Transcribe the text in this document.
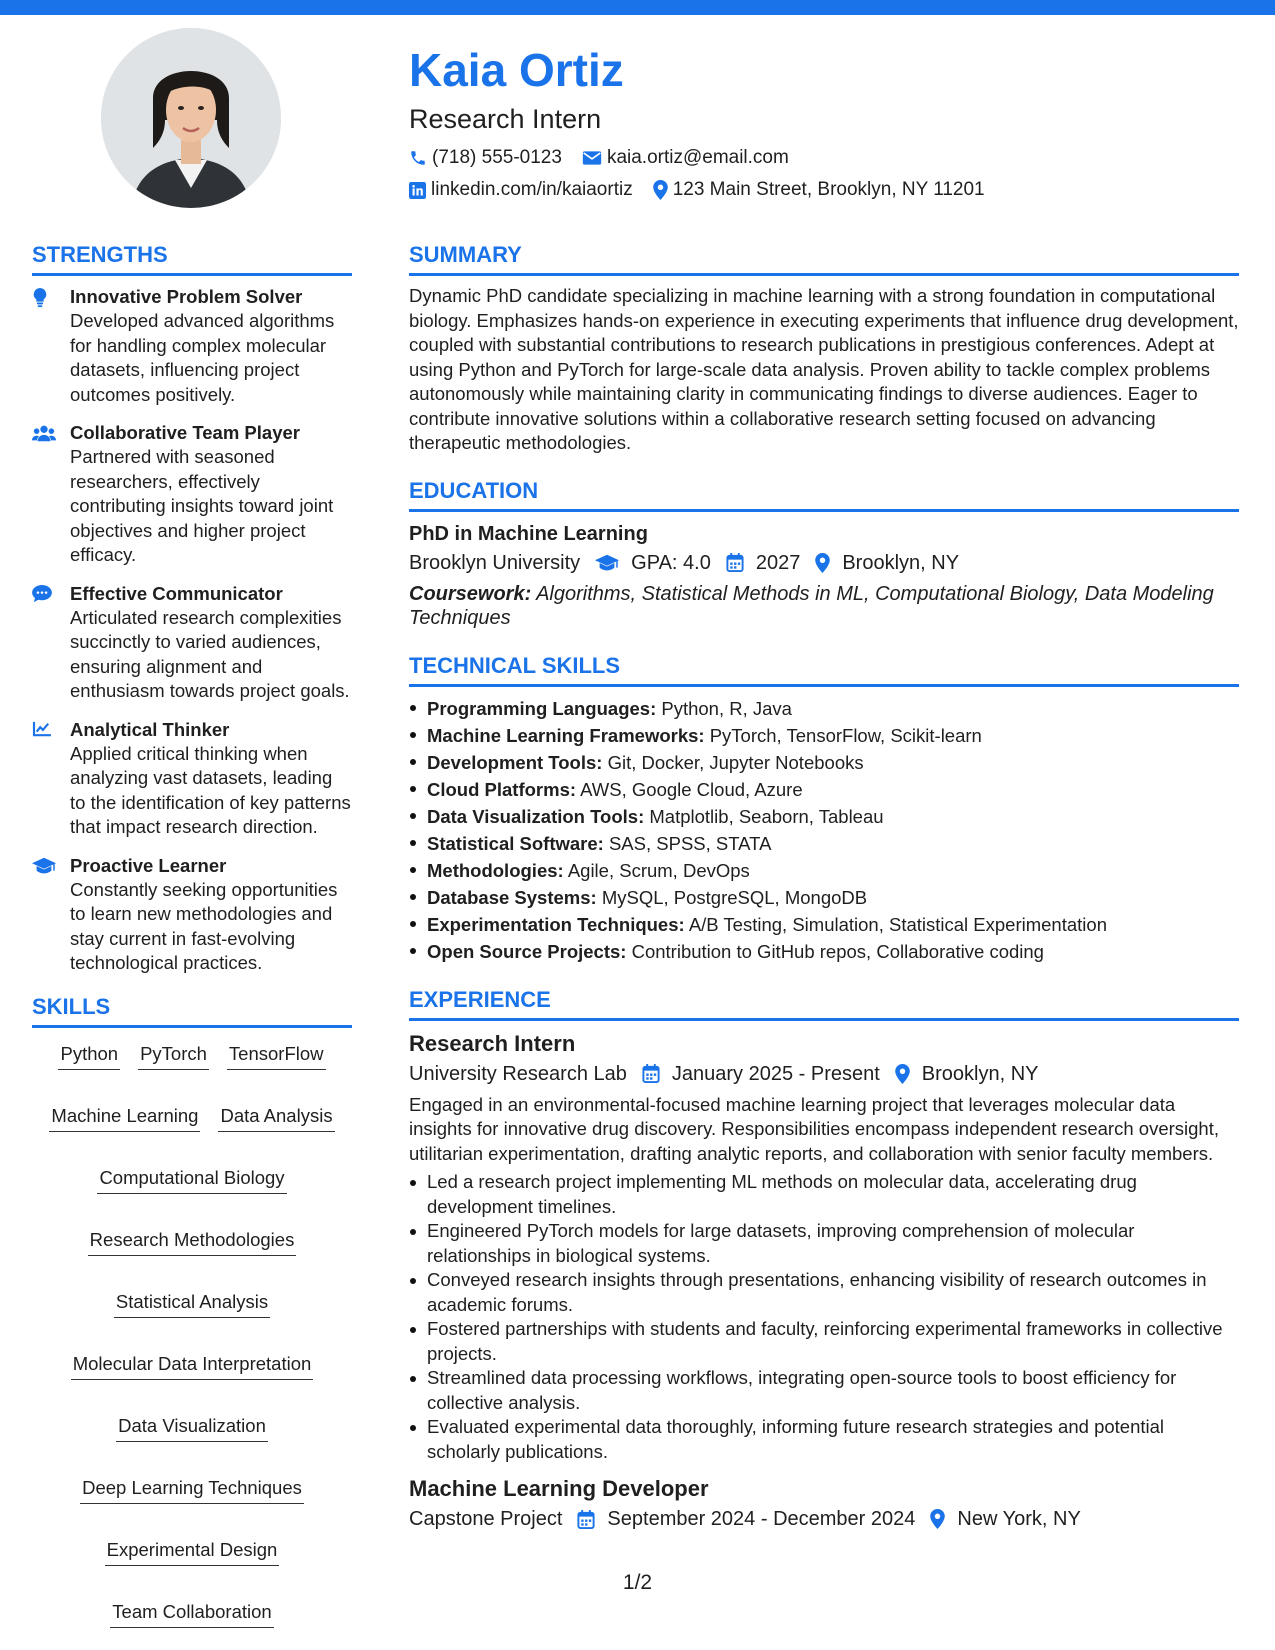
Kaia Ortiz
Research Intern
(718) 555-0123 kaia.ortiz@email.com
linkedin.com/in/kaiaortiz 123 Main Street, Brooklyn, NY 11201
STRENGTHS
Innovative Problem Solver
Developed advanced algorithms for handling complex molecular datasets, influencing project outcomes positively.
Collaborative Team Player
Partnered with seasoned researchers, effectively contributing insights toward joint objectives and higher project efficacy.
Effective Communicator
Articulated research complexities succinctly to varied audiences, ensuring alignment and enthusiasm towards project goals.
Analytical Thinker
Applied critical thinking when analyzing vast datasets, leading to the identification of key patterns that impact research direction.
Proactive Learner
Constantly seeking opportunities to learn new methodologies and stay current in fast-evolving technological practices.
SKILLS
Python PyTorch TensorFlow
Machine Learning Data Analysis
Computational Biology
Research Methodologies
Statistical Analysis
Molecular Data Interpretation
Data Visualization
Deep Learning Techniques
Experimental Design
Team Collaboration
SUMMARY
Dynamic PhD candidate specializing in machine learning with a strong foundation in computational biology. Emphasizes hands-on experience in executing experiments that influence drug development, coupled with substantial contributions to research publications in prestigious conferences. Adept at using Python and PyTorch for large-scale data analysis. Proven ability to tackle complex problems autonomously while maintaining clarity in communicating findings to diverse audiences. Eager to contribute innovative solutions within a collaborative research setting focused on advancing therapeutic methodologies.
EDUCATION
PhD in Machine Learning
Brooklyn University	GPA: 4.0 2027 Brooklyn, NY
Coursework: Algorithms, Statistical Methods in ML, Computational Biology, Data Modeling Techniques
TECHNICAL SKILLS
Programming Languages: Python, R, Java
Machine Learning Frameworks: PyTorch, TensorFlow, Scikit-learn
Development Tools: Git, Docker, Jupyter Notebooks
Cloud Platforms: AWS, Google Cloud, Azure
Data Visualization Tools: Matplotlib, Seaborn, Tableau
Statistical Software: SAS, SPSS, STATA
Methodologies: Agile, Scrum, DevOps
Database Systems: MySQL, PostgreSQL, MongoDB
Experimentation Techniques: A/B Testing, Simulation, Statistical Experimentation
Open Source Projects: Contribution to GitHub repos, Collaborative coding
EXPERIENCE
Research Intern
University Research Lab January 2025 - Present Brooklyn, NY
Engaged in an environmental-focused machine learning project that leverages molecular data insights for innovative drug discovery. Responsibilities encompass independent research oversight, utilitarian experimentation, drafting analytic reports, and collaboration with senior faculty members.
Led a research project implementing ML methods on molecular data, accelerating drug development timelines.
Engineered PyTorch models for large datasets, improving comprehension of molecular relationships in biological systems.
Conveyed research insights through presentations, enhancing visibility of research outcomes in academic forums.
Fostered partnerships with students and faculty, reinforcing experimental frameworks in collective projects.
Streamlined data processing workflows, integrating open-source tools to boost efficiency for collective analysis.
Evaluated experimental data thoroughly, informing future research strategies and potential scholarly publications.
Machine Learning Developer
Capstone Project September 2024 - December 2024 New York, NY
1/2
